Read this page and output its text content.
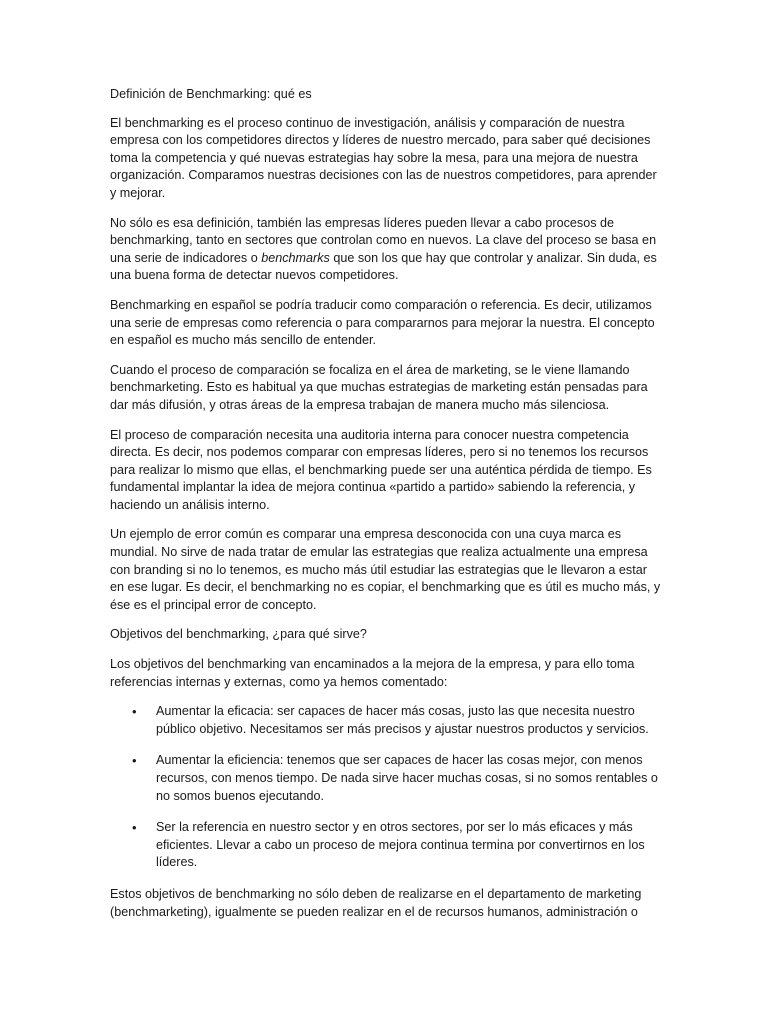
Definición de Benchmarking: qué es

El benchmarking es el proceso continuo de investigación, análisis y comparación de nuestra empresa con los competidores directos y líderes de nuestro mercado, para saber qué decisiones toma la competencia y qué nuevas estrategias hay sobre la mesa, para una mejora de nuestra organización. Comparamos nuestras decisiones con las de nuestros competidores, para aprender y mejorar.

No sólo es esa definición, también las empresas líderes pueden llevar a cabo procesos de benchmarking, tanto en sectores que controlan como en nuevos. La clave del proceso se basa en una serie de indicadores o benchmarks que son los que hay que controlar y analizar. Sin duda, es una buena forma de detectar nuevos competidores.

Benchmarking en español se podría traducir como comparación o referencia. Es decir, utilizamos una serie de empresas como referencia o para compararnos para mejorar la nuestra. El concepto en español es mucho más sencillo de entender.

Cuando el proceso de comparación se focaliza en el área de marketing, se le viene llamando benchmarketing. Esto es habitual ya que muchas estrategias de marketing están pensadas para dar más difusión, y otras áreas de la empresa trabajan de manera mucho más silenciosa.

El proceso de comparación necesita una auditoria interna para conocer nuestra competencia directa. Es decir, nos podemos comparar con empresas líderes, pero si no tenemos los recursos para realizar lo mismo que ellas, el benchmarking puede ser una auténtica pérdida de tiempo. Es fundamental implantar la idea de mejora continua «partido a partido» sabiendo la referencia, y haciendo un análisis interno.

Un ejemplo de error común es comparar una empresa desconocida con una cuya marca es mundial. No sirve de nada tratar de emular las estrategias que realiza actualmente una empresa con branding si no lo tenemos, es mucho más útil estudiar las estrategias que le llevaron a estar en ese lugar. Es decir, el benchmarking no es copiar, el benchmarking que es útil es mucho más, y ése es el principal error de concepto.

Objetivos del benchmarking, ¿para qué sirve?

Los objetivos del benchmarking van encaminados a la mejora de la empresa, y para ello toma referencias internas y externas, como ya hemos comentado:

• Aumentar la eficacia: ser capaces de hacer más cosas, justo las que necesita nuestro público objetivo. Necesitamos ser más precisos y ajustar nuestros productos y servicios.
• Aumentar la eficiencia: tenemos que ser capaces de hacer las cosas mejor, con menos recursos, con menos tiempo. De nada sirve hacer muchas cosas, si no somos rentables o no somos buenos ejecutando.
• Ser la referencia en nuestro sector y en otros sectores, por ser lo más eficaces y más eficientes. Llevar a cabo un proceso de mejora continua termina por convertirnos en los líderes.

Estos objetivos de benchmarking no sólo deben de realizarse en el departamento de marketing (benchmarketing), igualmente se pueden realizar en el de recursos humanos, administración o
